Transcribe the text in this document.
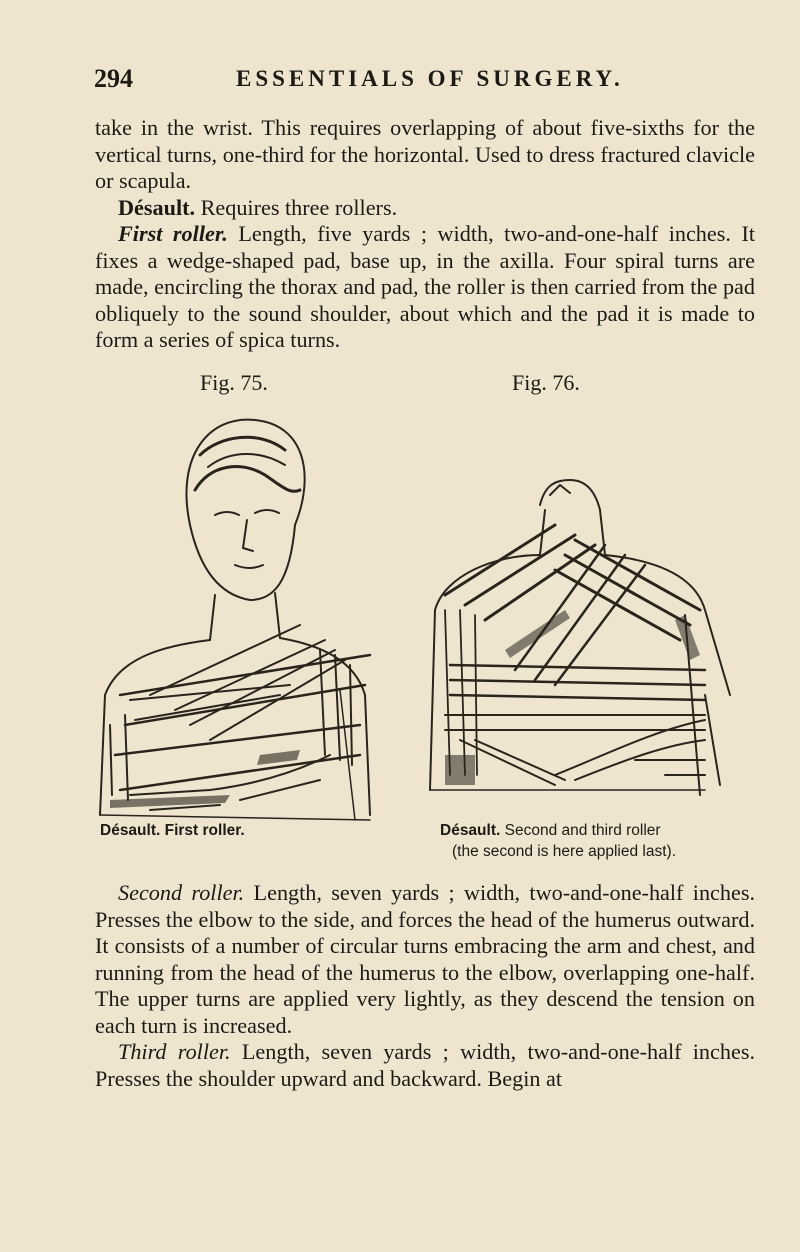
294	ESSENTIALS OF SURGERY.

take in the wrist. This requires overlapping of about five-sixths for the vertical turns, one-third for the horizontal. Used to dress fractured clavicle or scapula.

Désault. Requires three rollers.

First roller. Length, five yards ; width, two-and-one-half inches. It fixes a wedge-shaped pad, base up, in the axilla. Four spiral turns are made, encircling the thorax and pad, the roller is then carried from the pad obliquely to the sound shoulder, about which and the pad it is made to form a series of spica turns.

Fig. 75.	Fig. 76.
Désault. First roller.	Désault. Second and third roller
(the second is here applied last).

Second roller. Length, seven yards ; width, two-and-one-half inches. Presses the elbow to the side, and forces the head of the humerus outward. It consists of a number of circular turns embracing the arm and chest, and running from the head of the humerus to the elbow, overlapping one-half. The upper turns are applied very lightly, as they descend the tension on each turn is increased.

Third roller. Length, seven yards ; width, two-and-one-half inches. Presses the shoulder upward and backward. Begin at
